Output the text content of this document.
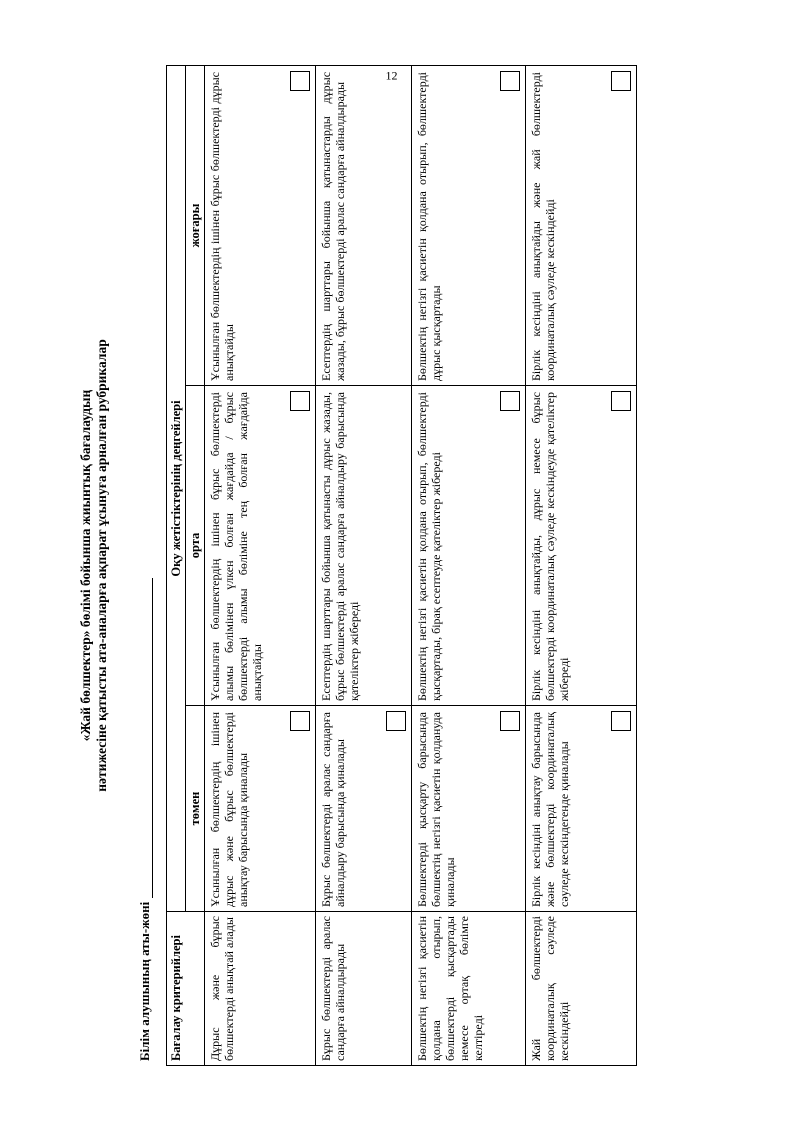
«Жай бөлшектер» бөлімі бойынша жиынтық бағалаудың нәтижесіне қатысты ата-аналарға ақпарат ұсынуға арналған рубрикалар
Білім алушының аты-жөні Бағалау критерийлері	Оқу жетістіктерінің деңгейлері		
	төмен	орта	жоғары
Дұрыс және бұрыс бөлшектерді анықтай алады	Ұсынылған бөлшектердің ішінен дұрыс және бұрыс бөлшектерді анықтау барысында қиналады	Ұсынылған бөлшектердің ішінен бұрыс бөлшектерді алымы бөлімінен үлкен болған жағдайда / бұрыс бөлшектерді алымы бөлiмiне тең болған жағдайда анықтайды	Ұсынылған бөлшектердің ішінен бұрыс бөлшектерді дұрыс анықтайды

Бұрыс бөлшектерді аралас сандарға айналдырады	Бұрыс бөлшектерді аралас сандарға айналдыру барысында қиналады	Есептердің шарттары бойынша қатынасты дұрыс жазады, бұрыс бөлшектерді аралас сандарға айналдыру барысында қателіктер жібереді	Есептердің шарттары бойынша қатынастарды дұрыс жазады, бұрыс бөлшектерді аралас сандарға айналдырады

Бөлшектің негізгі қасиетін қолдана отырып, бөлшектерді қысқартады немесе ортақ бөлімге келтіреді	Бөлшектерді қысқарту барысында бөлшектің негізгі қасиетін қолдануда қиналады	Бөлшектің негізгі қасиетін қолдана отырып, бөлшектерді қысқартады, бірақ есептеуде қателіктер жібереді	Бөлшектің негізгі қасиетін қолдана отырып, бөлшектерді дұрыс қысқартады

Жай бөлшектерді координаталық сәуледе кескіндейді	Бірлік кесіндіні анықтау барысында және бөлшектерді координаталық сәуледе кескіндегенде қиналады	Бірлік кесіндіні анықтайды, дұрыс немесе бұрыс бөлшектерді координаталық сәуледе кескіндеуде қателіктер жібереді	Бірлік кесіндіні анықтайды және жай бөлшектерді координаталық сәуледе кескіндейді
12
